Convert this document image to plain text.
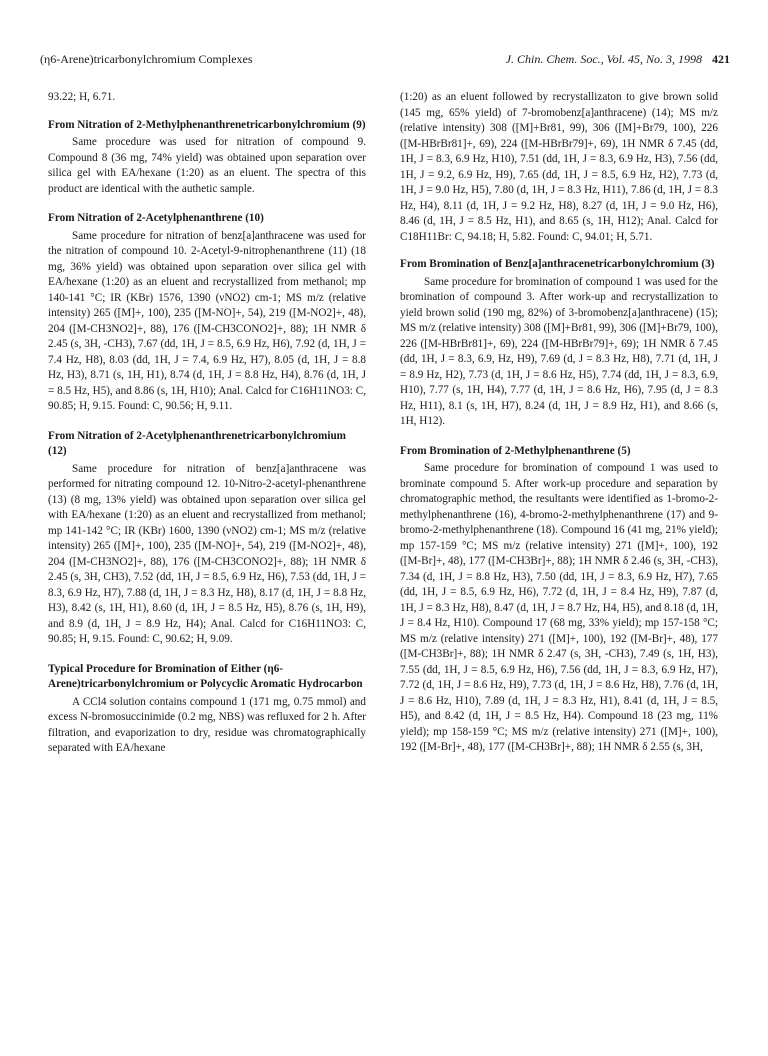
(η6-Arene)tricarbonylchromium Complexes	J. Chin. Chem. Soc., Vol. 45, No. 3, 1998 421

93.22; H, 6.71.

From Nitration of 2-Methylphenanthrenetricarbonylchromium (9)

Same procedure was used for nitration of compound 9. Compound 8 (36 mg, 74% yield) was obtained upon separation over silica gel with EA/hexane (1:20) as an eluent. The spectra of this product are identical with the authetic sample.

From Nitration of 2-Acetylphenanthrene (10)

Same procedure for nitration of benz[a]anthracene was used for the nitration of compound 10. 2-Acetyl-9-nitrophenanthrene (11) (18 mg, 36% yield) was obtained upon separation over silica gel with EA/hexane (1:20) as an eluent and recrystallized from methanol; mp 140-141 °C; IR (KBr) 1576, 1390 (νNO2) cm-1; MS m/z (relative intensity) 265 ([M]+, 100), 235 ([M-NO]+, 54), 219 ([M-NO2]+, 48), 204 ([M-CH3NO2]+, 88), 176 ([M-CH3CONO2]+, 88); 1H NMR δ 2.45 (s, 3H, -CH3), 7.67 (dd, 1H, J = 8.5, 6.9 Hz, H6), 7.92 (d, 1H, J = 7.4 Hz, H8), 8.03 (dd, 1H, J = 7.4, 6.9 Hz, H7), 8.05 (d, 1H, J = 8.8 Hz, H3), 8.71 (s, 1H, H1), 8.74 (d, 1H, J = 8.8 Hz, H4), 8.76 (d, 1H, J = 8.5 Hz, H5), and 8.86 (s, 1H, H10); Anal. Calcd for C16H11NO3: C, 90.85; H, 9.15. Found: C, 90.56; H, 9.11.

From Nitration of 2-Acetylphenanthrenetricarbonylchromium (12)

Same procedure for nitration of benz[a]anthracene was performed for nitrating compound 12. 10-Nitro-2-acetyl-phenanthrene (13) (8 mg, 13% yield) was obtained upon separation over silica gel with EA/hexane (1:20) as an eluent and recrystallized from methanol; mp 141-142 °C; IR (KBr) 1600, 1390 (νNO2) cm-1; MS m/z (relative intensity) 265 ([M]+, 100), 235 ([M-NO]+, 54), 219 ([M-NO2]+, 48), 204 ([M-CH3NO2]+, 88), 176 ([M-CH3CONO2]+, 88); 1H NMR δ 2.45 (s, 3H, CH3), 7.52 (dd, 1H, J = 8.5, 6.9 Hz, H6), 7.53 (dd, 1H, J = 8.3, 6.9 Hz, H7), 7.88 (d, 1H, J = 8.3 Hz, H8), 8.17 (d, 1H, J = 8.8 Hz, H3), 8.42 (s, 1H, H1), 8.60 (d, 1H, J = 8.5 Hz, H5), 8.76 (s, 1H, H9), and 8.9 (d, 1H, J = 8.9 Hz, H4); Anal. Calcd for C16H11NO3: C, 90.85; H, 9.15. Found: C, 90.62; H, 9.09.

Typical Procedure for Bromination of Either (η6-Arene)tricarbonylchromium or Polycyclic Aromatic Hydrocarbon

A CCl4 solution contains compound 1 (171 mg, 0.75 mmol) and excess N-bromosuccinimide (0.2 mg, NBS) was refluxed for 2 h. After filtration, and evaporization to dry, residue was chromatographically separated with EA/hexane

(1:20) as an eluent followed by recrystallizaton to give brown solid (145 mg, 65% yield) of 7-bromobenz[a]anthracene) (14); MS m/z (relative intensity) 308 ([M]+Br81, 99), 306 ([M]+Br79, 100), 226 ([M-HBrBr81]+, 69), 224 ([M-HBrBr79]+, 69), 1H NMR δ 7.45 (dd, 1H, J = 8.3, 6.9 Hz, H10), 7.51 (dd, 1H, J = 8.3, 6.9 Hz, H3), 7.56 (dd, 1H, J = 9.2, 6.9 Hz, H9), 7.65 (dd, 1H, J = 8.5, 6.9 Hz, H2), 7.73 (d, 1H, J = 9.0 Hz, H5), 7.80 (d, 1H, J = 8.3 Hz, H11), 7.86 (d, 1H, J = 8.3 Hz, H4), 8.11 (d, 1H, J = 9.2 Hz, H8), 8.27 (d, 1H, J = 9.0 Hz, H6), 8.46 (d, 1H, J = 8.5 Hz, H1), and 8.65 (s, 1H, H12); Anal. Calcd for C18H11Br: C, 94.18; H, 5.82. Found: C, 94.01; H, 5.71.

From Bromination of Benz[a]anthracenetricarbonylchromium (3)

Same procedure for bromination of compound 1 was used for the bromination of compound 3. After work-up and recrystallization to yield brown solid (190 mg, 82%) of 3-bromobenz[a]anthracene) (15); MS m/z (relative intensity) 308 ([M]+Br81, 99), 306 ([M]+Br79, 100), 226 ([M-HBrBr81]+, 69), 224 ([M-HBrBr79]+, 69); 1H NMR δ 7.45 (dd, 1H, J = 8.3, 6.9, Hz, H9), 7.69 (d, J = 8.3 Hz, H8), 7.71 (d, 1H, J = 8.9 Hz, H2), 7.73 (d, 1H, J = 8.6 Hz, H5), 7.74 (dd, 1H, J = 8.3, 6.9, H10), 7.77 (s, 1H, H4), 7.77 (d, 1H, J = 8.6 Hz, H6), 7.95 (d, J = 8.3 Hz, H11), 8.1 (s, 1H, H7), 8.24 (d, 1H, J = 8.9 Hz, H1), and 8.66 (s, 1H, H12).

From Bromination of 2-Methylphenanthrene (5)

Same procedure for bromination of compound 1 was used to brominate compound 5. After work-up procedure and separation by chromatographic method, the resultants were identified as 1-bromo-2-methylphenanthrene (16), 4-bromo-2-methylphenanthrene (17) and 9-bromo-2-methylphenanthrene (18). Compound 16 (41 mg, 21% yield); mp 157-159 °C; MS m/z (relative intensity) 271 ([M]+, 100), 192 ([M-Br]+, 48), 177 ([M-CH3Br]+, 88); 1H NMR δ 2.46 (s, 3H, -CH3), 7.34 (d, 1H, J = 8.8 Hz, H3), 7.50 (dd, 1H, J = 8.3, 6.9 Hz, H7), 7.65 (dd, 1H, J = 8.5, 6.9 Hz, H6), 7.72 (d, 1H, J = 8.4 Hz, H9), 7.87 (d, 1H, J = 8.3 Hz, H8), 8.47 (d, 1H, J = 8.7 Hz, H4, H5), and 8.18 (d, 1H, J = 8.4 Hz, H10). Compound 17 (68 mg, 33% yield); mp 157-158 °C; MS m/z (relative intensity) 271 ([M]+, 100), 192 ([M-Br]+, 48), 177 ([M-CH3Br]+, 88); 1H NMR δ 2.47 (s, 3H, -CH3), 7.49 (s, 1H, H3), 7.55 (dd, 1H, J = 8.5, 6.9 Hz, H6), 7.56 (dd, 1H, J = 8.3, 6.9 Hz, H7), 7.72 (d, 1H, J = 8.6 Hz, H9), 7.73 (d, 1H, J = 8.6 Hz, H8), 7.76 (d, 1H, J = 8.6 Hz, H10), 7.89 (d, 1H, J = 8.3 Hz, H1), 8.41 (d, 1H, J = 8.5, H5), and 8.42 (d, 1H, J = 8.5 Hz, H4). Compound 18 (23 mg, 11% yield); mp 158-159 °C; MS m/z (relative intensity) 271 ([M]+, 100), 192 ([M-Br]+, 48), 177 ([M-CH3Br]+, 88); 1H NMR δ 2.55 (s, 3H,
